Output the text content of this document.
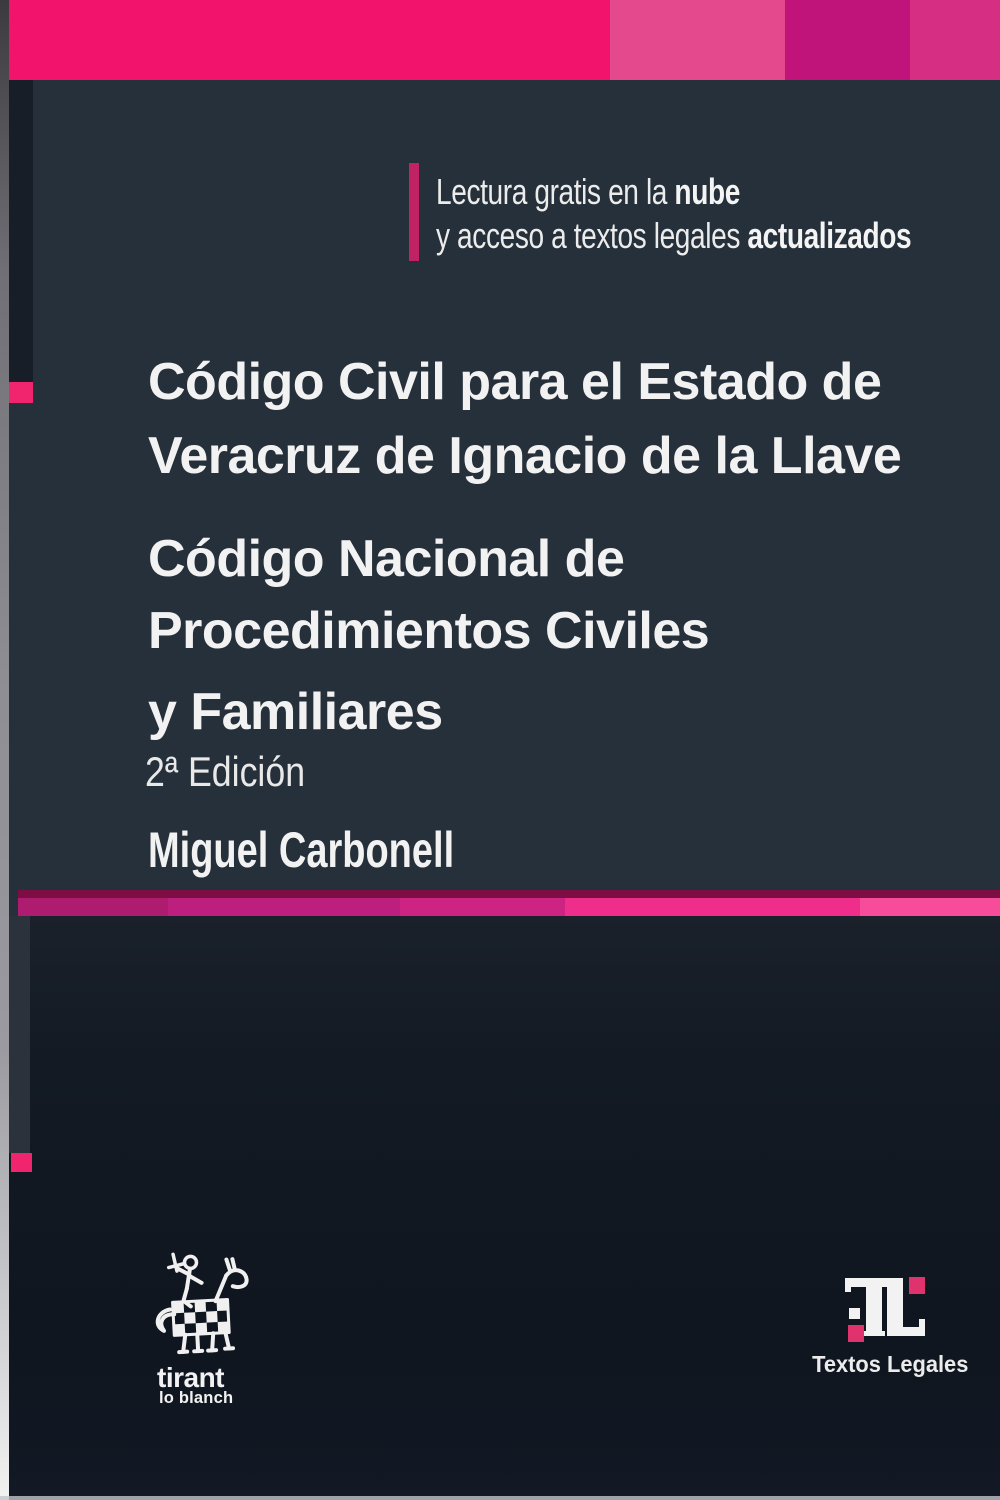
Lectura gratis en la nube
y acceso a textos legales actualizados
Código Civil para el Estado de
Veracruz de Ignacio de la Llave
Código Nacional de
Procedimientos Civiles
y Familiares
2ª Edición
Miguel Carbonell
tirant
lo blanch
Textos Legales
